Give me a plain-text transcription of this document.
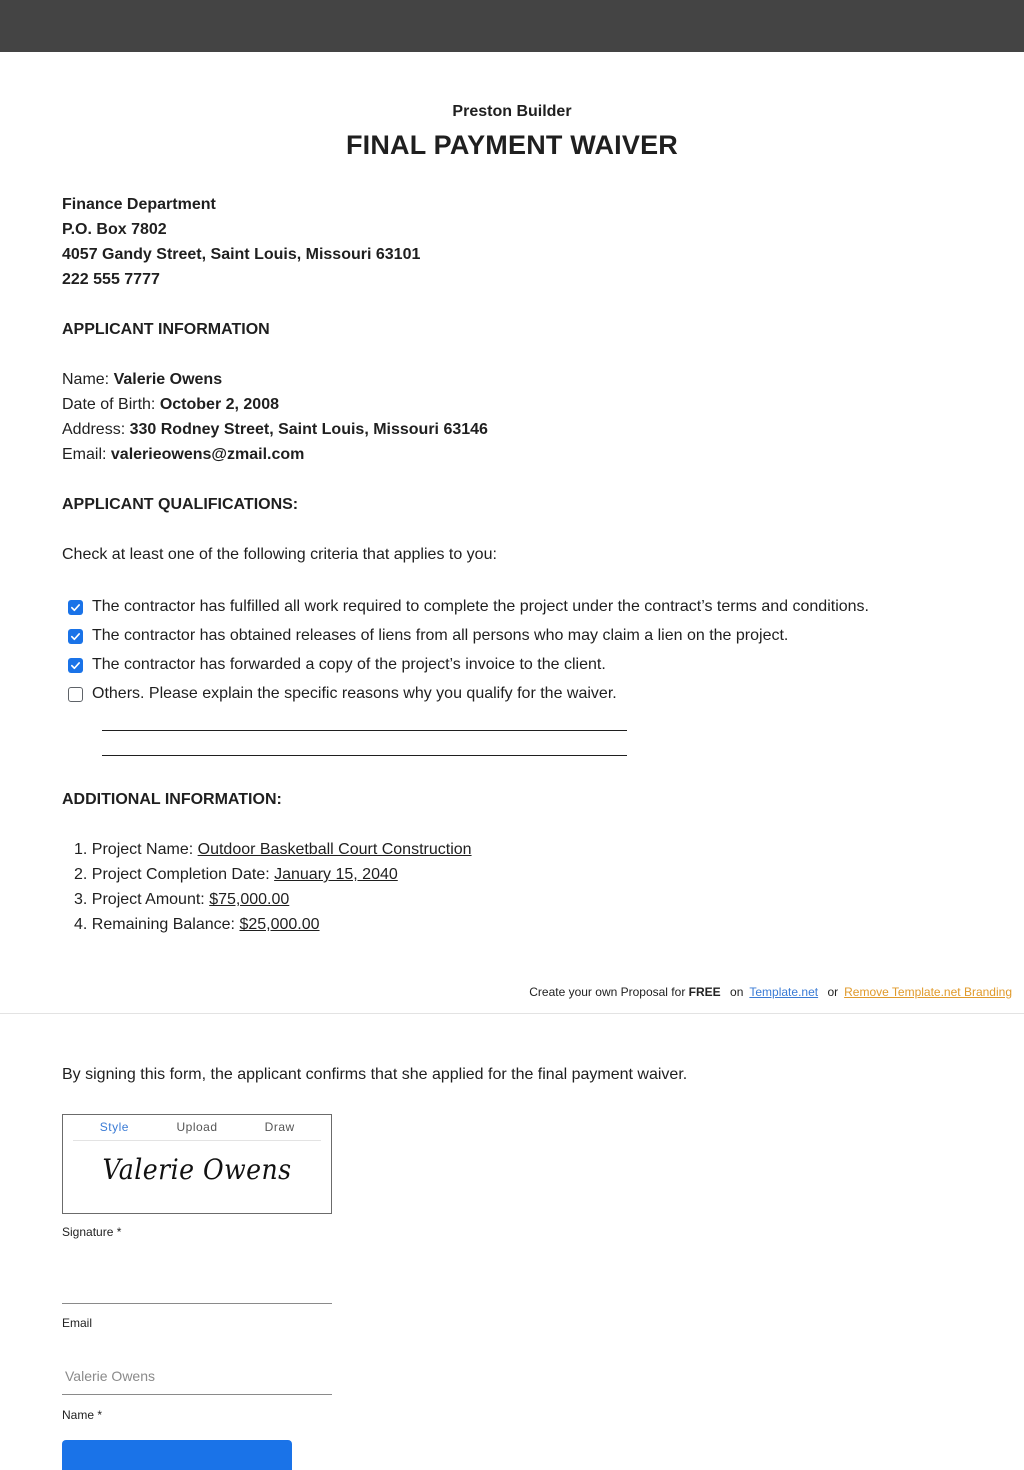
Preston Builder
FINAL PAYMENT WAIVER
Finance Department
P.O. Box 7802
4057 Gandy Street, Saint Louis, Missouri 63101
222 555 7777
APPLICANT INFORMATION
Name: Valerie Owens
Date of Birth: October 2, 2008
Address: 330 Rodney Street, Saint Louis, Missouri 63146
Email: valerieowens@zmail.com
APPLICANT QUALIFICATIONS:
Check at least one of the following criteria that applies to you:
The contractor has fulfilled all work required to complete the project under the contract’s terms and conditions.
The contractor has obtained releases of liens from all persons who may claim a lien on the project.
The contractor has forwarded a copy of the project’s invoice to the client.
Others. Please explain the specific reasons why you qualify for the waiver.
ADDITIONAL INFORMATION:
1. Project Name: Outdoor Basketball Court Construction
2. Project Completion Date: January 15, 2040
3. Project Amount: $75,000.00
4. Remaining Balance: $25,000.00
Create your own Proposal for FREE on Template.net or Remove Template.net Branding
By signing this form, the applicant confirms that she applied for the final payment waiver.
Style	Upload	Draw
Valerie Owens
Signature *
Email
Valerie Owens
Name *
